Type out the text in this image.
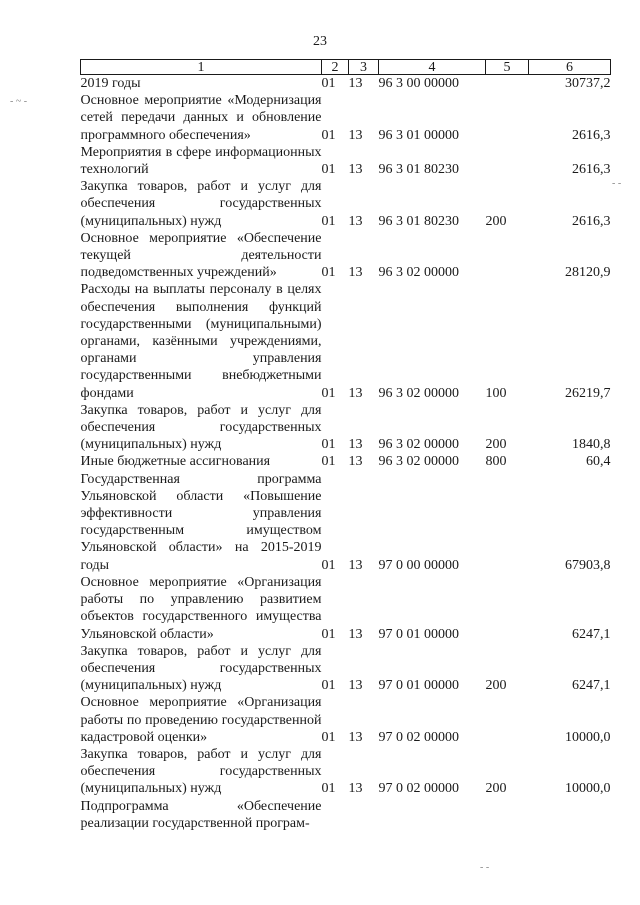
23
1	2	3	4	5	6
2019 годы	01	13	96 3 00 00000		30737,2
Основное мероприятие «Модернизация сетей передачи данных и обновление программного обеспечения»	01	13	96 3 01 00000		2616,3
Мероприятия в сфере информационных технологий	01	13	96 3 01 80230		2616,3
Закупка товаров, работ и услуг для обеспечения государственных (муниципальных) нужд	01	13	96 3 01 80230	200	2616,3
Основное мероприятие «Обеспечение текущей деятельности подведомственных учреждений»	01	13	96 3 02 00000		28120,9
Расходы на выплаты персоналу в целях обеспечения выполнения функций государственными (муниципальными) органами, казёнными учреждениями, органами управления государственными внебюджетными фондами	01	13	96 3 02 00000	100	26219,7
Закупка товаров, работ и услуг для обеспечения государственных (муниципальных) нужд	01	13	96 3 02 00000	200	1840,8
Иные бюджетные ассигнования	01	13	96 3 02 00000	800	60,4
Государственная программа Ульяновской области «Повышение эффективности управления государственным имуществом Ульяновской области» на 2015-2019 годы	01	13	97 0 00 00000		67903,8
Основное мероприятие «Организация работы по управлению развитием объектов государственного имущества Ульяновской области»	01	13	97 0 01 00000		6247,1
Закупка товаров, работ и услуг для обеспечения государственных (муниципальных) нужд	01	13	97 0 01 00000	200	6247,1
Основное мероприятие «Организация работы по проведению государственной кадастровой оценки»	01	13	97 0 02 00000		10000,0
Закупка товаров, работ и услуг для обеспечения государственных (муниципальных) нужд	01	13	97 0 02 00000	200	10000,0
Подпрограмма «Обеспечение реализации государственной програм-					
- ~ -
- -
- -
